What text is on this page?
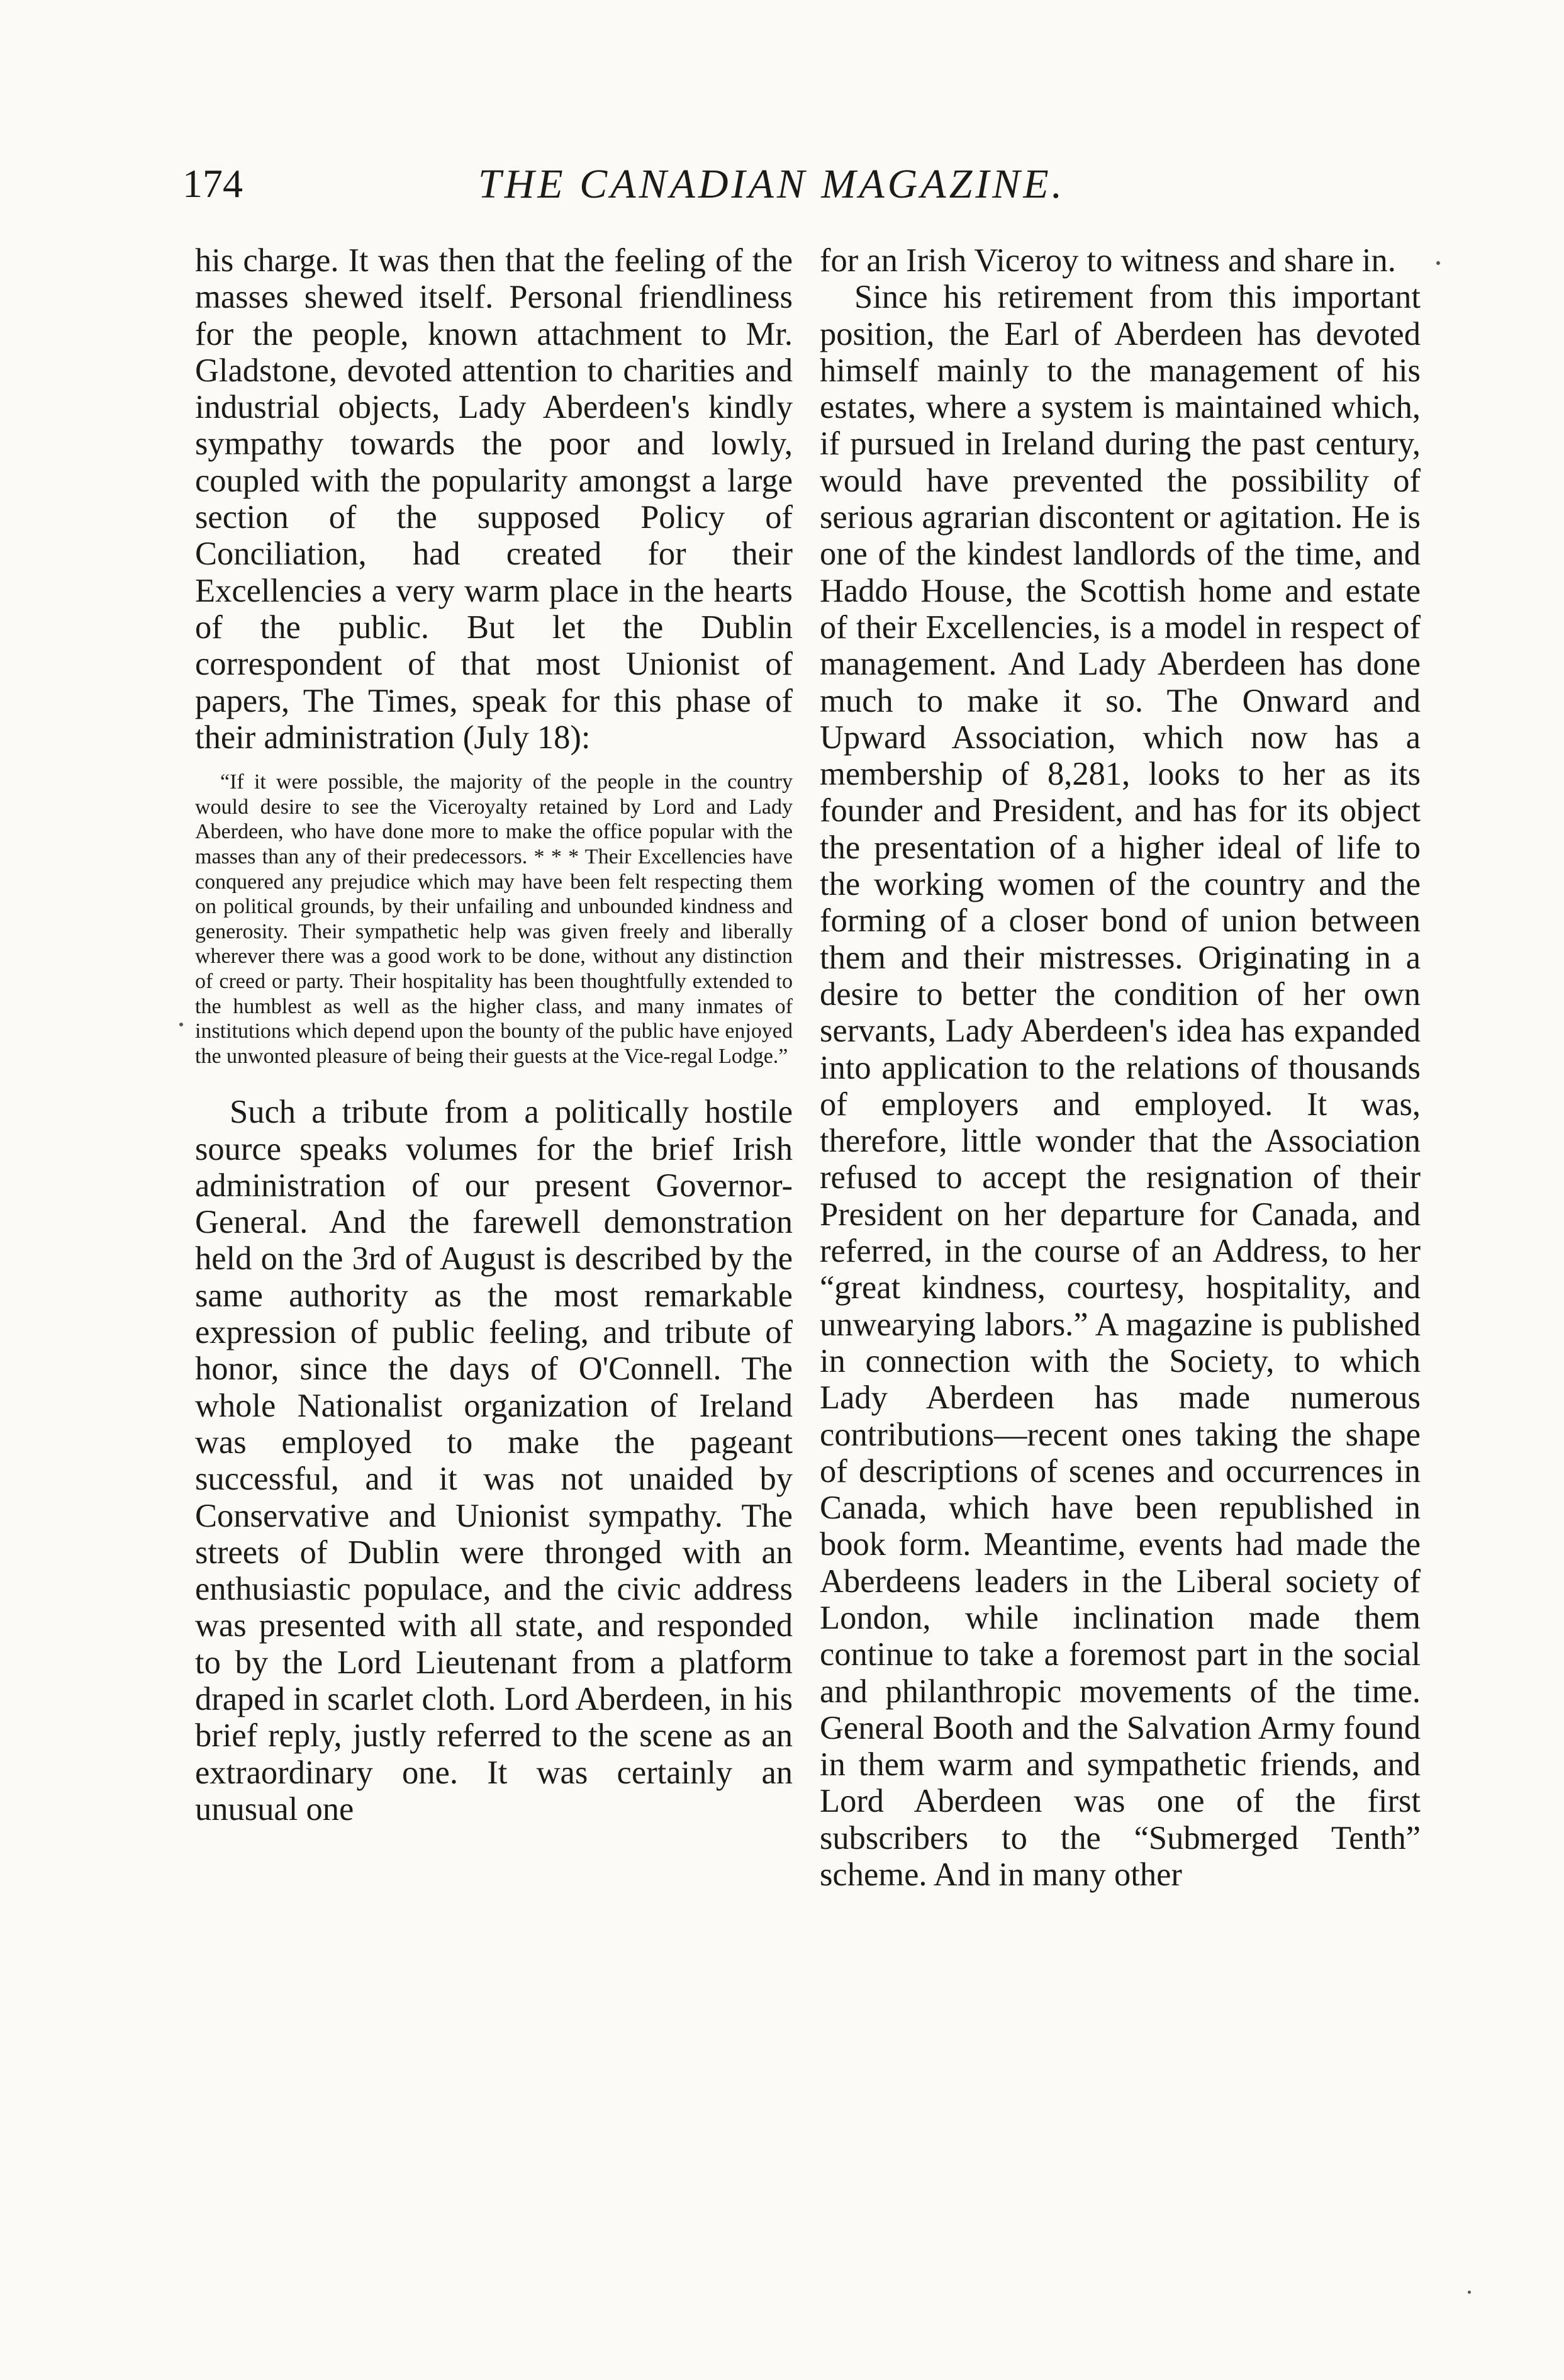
174	THE CANADIAN MAGAZINE.

his charge. It was then that the feeling of the masses shewed itself. Personal friendliness for the people, known attachment to Mr. Gladstone, devoted attention to charities and industrial objects, Lady Aberdeen's kindly sympathy towards the poor and lowly, coupled with the popularity amongst a large section of the supposed Policy of Conciliation, had created for their Excellencies a very warm place in the hearts of the public. But let the Dublin correspondent of that most Unionist of papers, The Times, speak for this phase of their administration (July 18):

“If it were possible, the majority of the people in the country would desire to see the Viceroyalty retained by Lord and Lady Aberdeen, who have done more to make the office popular with the masses than any of their predecessors. * * * Their Excellencies have conquered any prejudice which may have been felt respecting them on political grounds, by their unfailing and unbounded kindness and generosity. Their sympathetic help was given freely and liberally wherever there was a good work to be done, without any distinction of creed or party. Their hospitality has been thoughtfully extended to the humblest as well as the higher class, and many inmates of institutions which depend upon the bounty of the public have enjoyed the unwonted pleasure of being their guests at the Vice-regal Lodge.”

Such a tribute from a politically hostile source speaks volumes for the brief Irish administration of our present Governor-General. And the farewell demonstration held on the 3rd of August is described by the same authority as the most remarkable expression of public feeling, and tribute of honor, since the days of O'Connell. The whole Nationalist organization of Ireland was employed to make the pageant successful, and it was not unaided by Conservative and Unionist sympathy. The streets of Dublin were thronged with an enthusiastic populace, and the civic address was presented with all state, and responded to by the Lord Lieutenant from a platform draped in scarlet cloth. Lord Aberdeen, in his brief reply, justly referred to the scene as an extraordinary one. It was certainly an unusual one

for an Irish Viceroy to witness and share in.

Since his retirement from this important position, the Earl of Aberdeen has devoted himself mainly to the management of his estates, where a system is maintained which, if pursued in Ireland during the past century, would have prevented the possibility of serious agrarian discontent or agitation. He is one of the kindest landlords of the time, and Haddo House, the Scottish home and estate of their Excellencies, is a model in respect of management. And Lady Aberdeen has done much to make it so. The Onward and Upward Association, which now has a membership of 8,281, looks to her as its founder and President, and has for its object the presentation of a higher ideal of life to the working women of the country and the forming of a closer bond of union between them and their mistresses. Originating in a desire to better the condition of her own servants, Lady Aberdeen's idea has expanded into application to the relations of thousands of employers and employed. It was, therefore, little wonder that the Association refused to accept the resignation of their President on her departure for Canada, and referred, in the course of an Address, to her “great kindness, courtesy, hospitality, and unwearying labors.” A magazine is published in connection with the Society, to which Lady Aberdeen has made numerous contributions—recent ones taking the shape of descriptions of scenes and occurrences in Canada, which have been republished in book form. Meantime, events had made the Aberdeens leaders in the Liberal society of London, while inclination made them continue to take a foremost part in the social and philanthropic movements of the time. General Booth and the Salvation Army found in them warm and sympathetic friends, and Lord Aberdeen was one of the first subscribers to the “Submerged Tenth” scheme. And in many other
